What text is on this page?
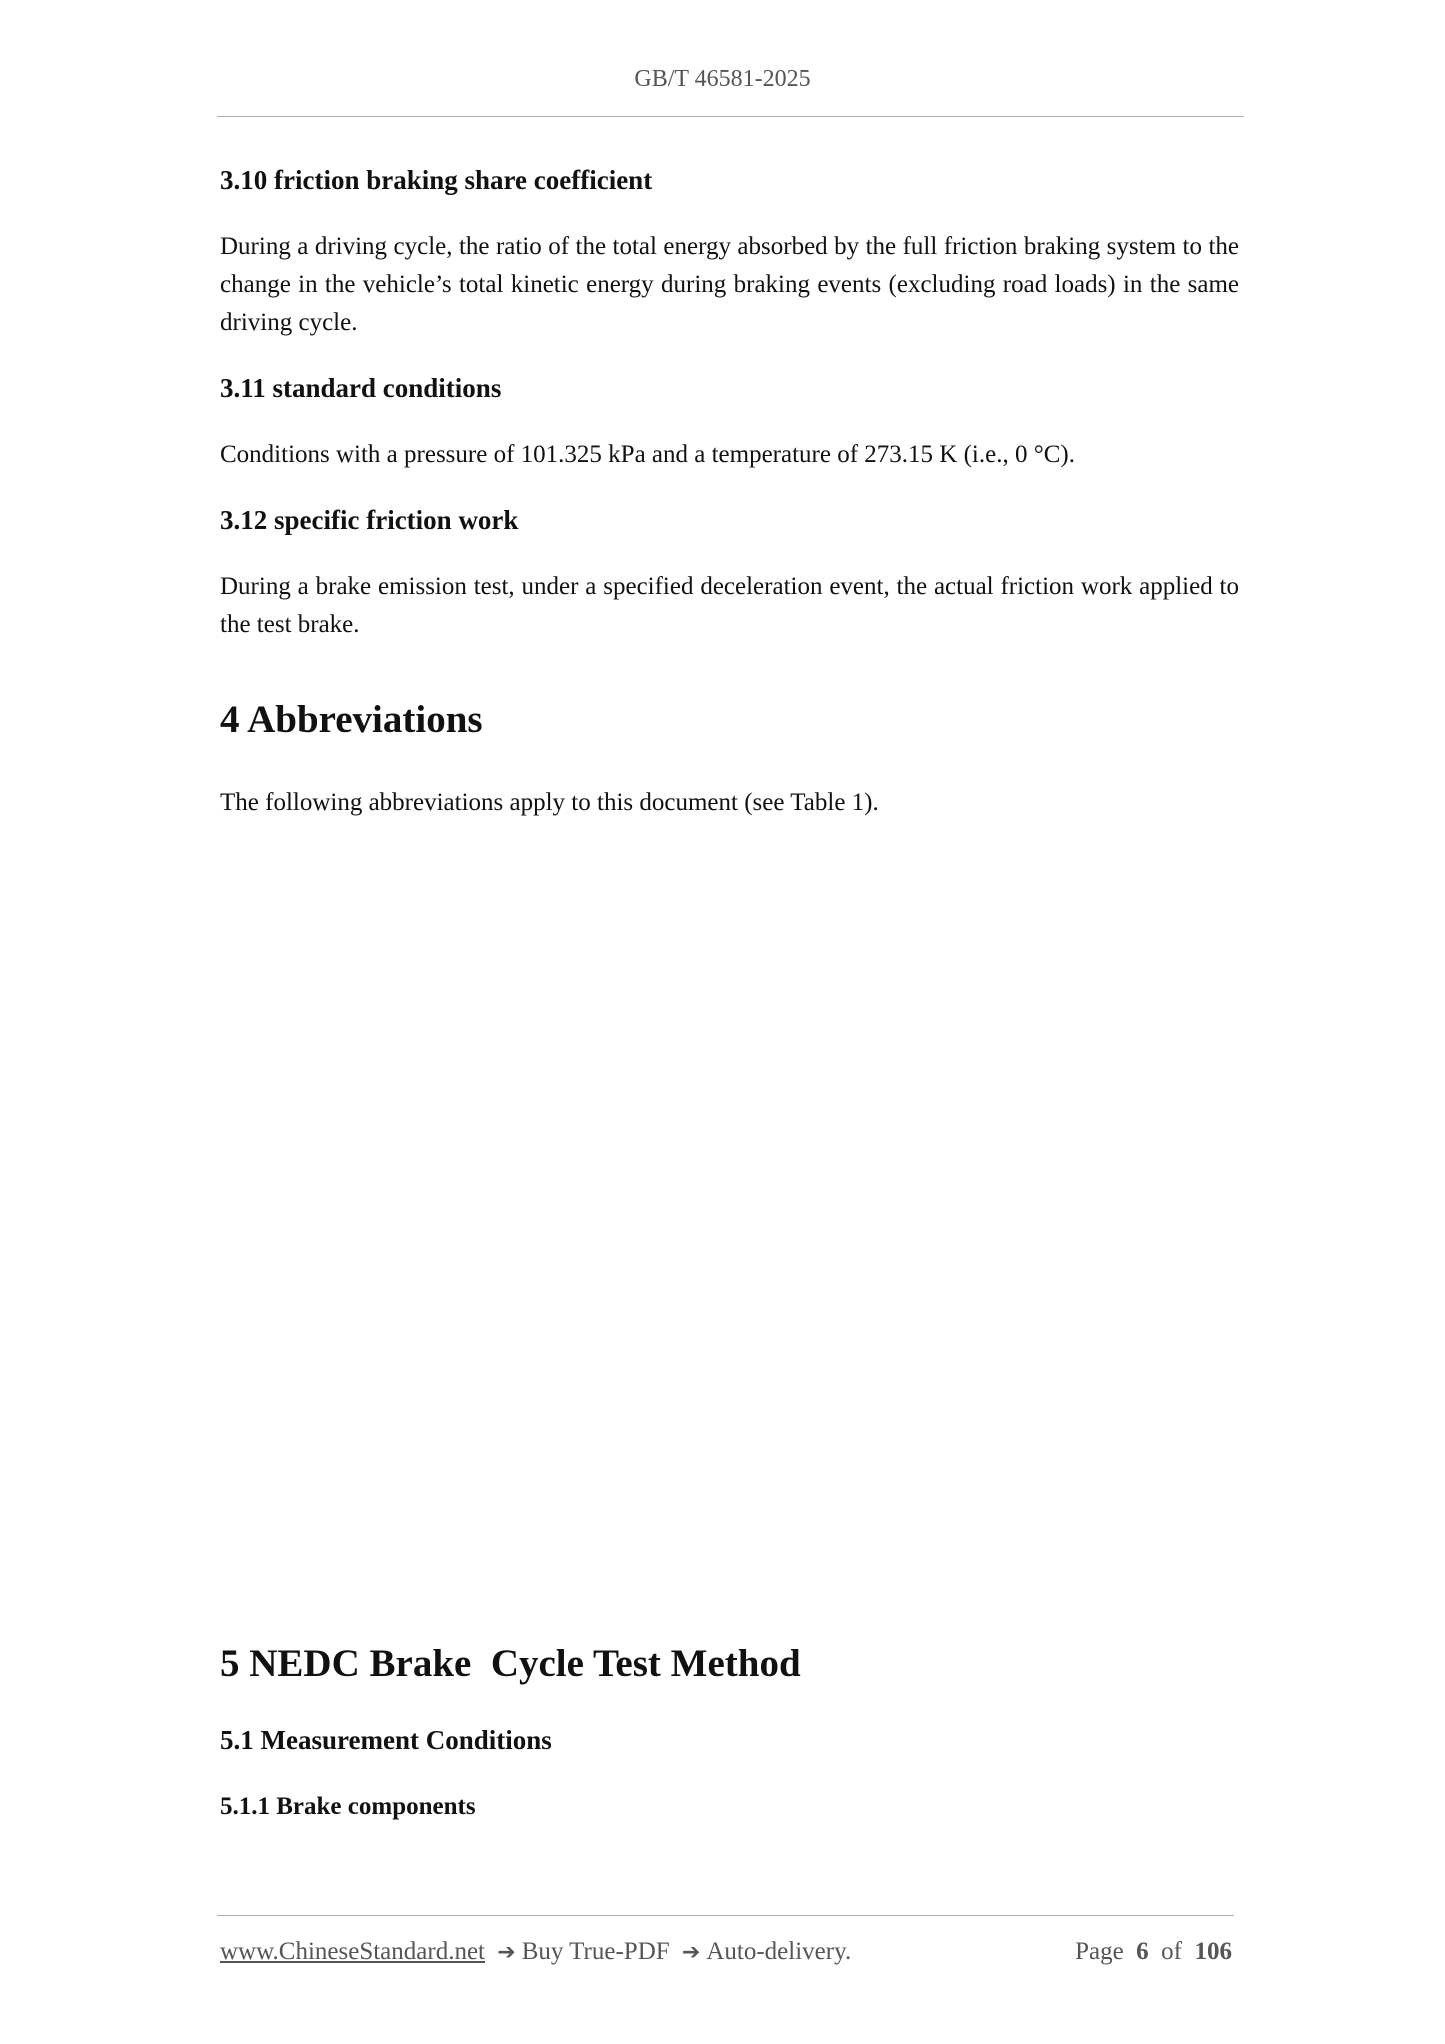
GB/T 46581-2025
3.10 friction braking share coefficient

During a driving cycle, the ratio of the total energy absorbed by the full friction braking system to the change in the vehicle’s total kinetic energy during braking events (excluding road loads) in the same driving cycle.

3.11 standard conditions

Conditions with a pressure of 101.325 kPa and a temperature of 273.15 K (i.e., 0 °C).

3.12 specific friction work

During a brake emission test, under a specified deceleration event, the actual friction work applied to the test brake.

4 Abbreviations

The following abbreviations apply to this document (see Table 1).

5 NEDC Brake  Cycle Test Method
5.1 Measurement Conditions
5.1.1 Brake components
www.ChineseStandard.net ➔ Buy True-PDF ➔ Auto-delivery.	Page 6 of 106
